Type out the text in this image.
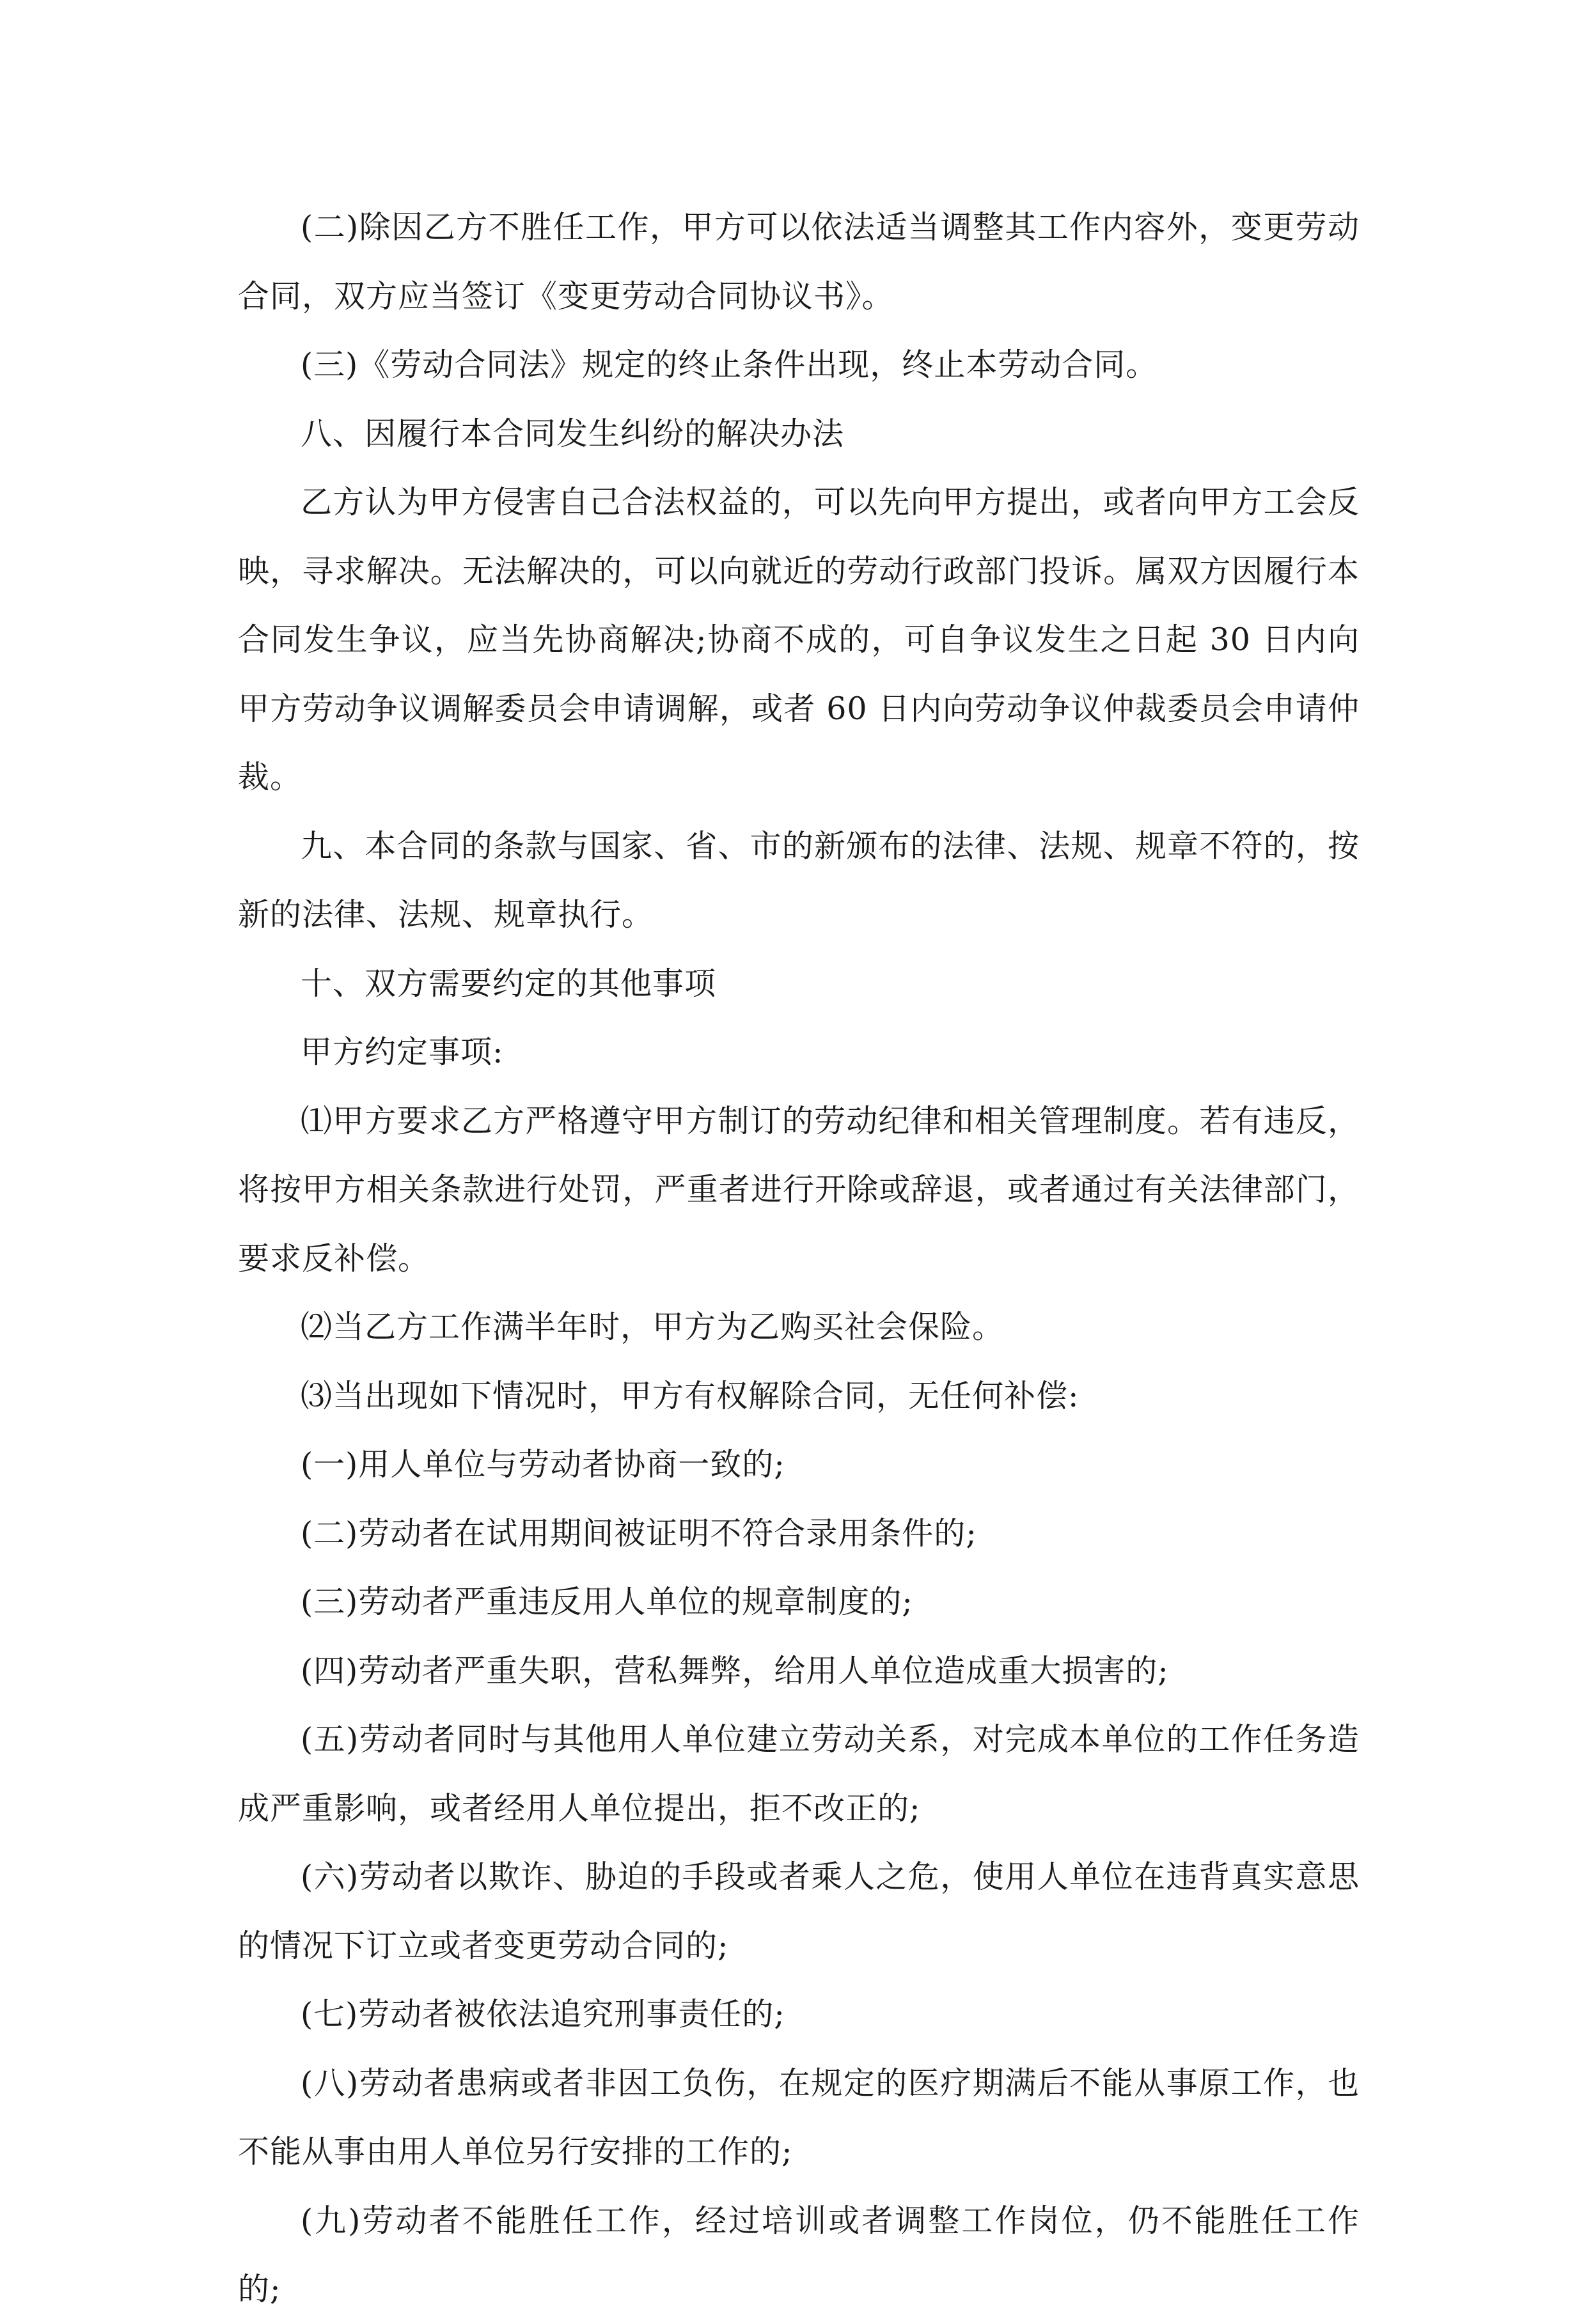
(二)除因乙方不胜任工作，甲方可以依法适当调整其工作内容外，变更劳动合同，双方应当签订《变更劳动合同协议书》。

(三)《劳动合同法》规定的终止条件出现，终止本劳动合同。

八、因履行本合同发生纠纷的解决办法

乙方认为甲方侵害自己合法权益的，可以先向甲方提出，或者向甲方工会反映，寻求解决。无法解决的，可以向就近的劳动行政部门投诉。属双方因履行本合同发生争议，应当先协商解决;协商不成的，可自争议发生之日起 30 日内向甲方劳动争议调解委员会申请调解，或者 60 日内向劳动争议仲裁委员会申请仲裁。

九、本合同的条款与国家、省、市的新颁布的法律、法规、规章不符的，按新的法律、法规、规章执行。

十、双方需要约定的其他事项

甲方约定事项:

⑴甲方要求乙方严格遵守甲方制订的劳动纪律和相关管理制度。若有违反，将按甲方相关条款进行处罚，严重者进行开除或辞退，或者通过有关法律部门，要求反补偿。

⑵当乙方工作满半年时，甲方为乙购买社会保险。

⑶当出现如下情况时，甲方有权解除合同，无任何补偿:

(一)用人单位与劳动者协商一致的;

(二)劳动者在试用期间被证明不符合录用条件的;

(三)劳动者严重违反用人单位的规章制度的;

(四)劳动者严重失职，营私舞弊，给用人单位造成重大损害的;

(五)劳动者同时与其他用人单位建立劳动关系，对完成本单位的工作任务造成严重影响，或者经用人单位提出，拒不改正的;

(六)劳动者以欺诈、胁迫的手段或者乘人之危，使用人单位在违背真实意思的情况下订立或者变更劳动合同的;

(七)劳动者被依法追究刑事责任的;

(八)劳动者患病或者非因工负伤，在规定的医疗期满后不能从事原工作，也不能从事由用人单位另行安排的工作的;

(九)劳动者不能胜任工作，经过培训或者调整工作岗位，仍不能胜任工作的;
